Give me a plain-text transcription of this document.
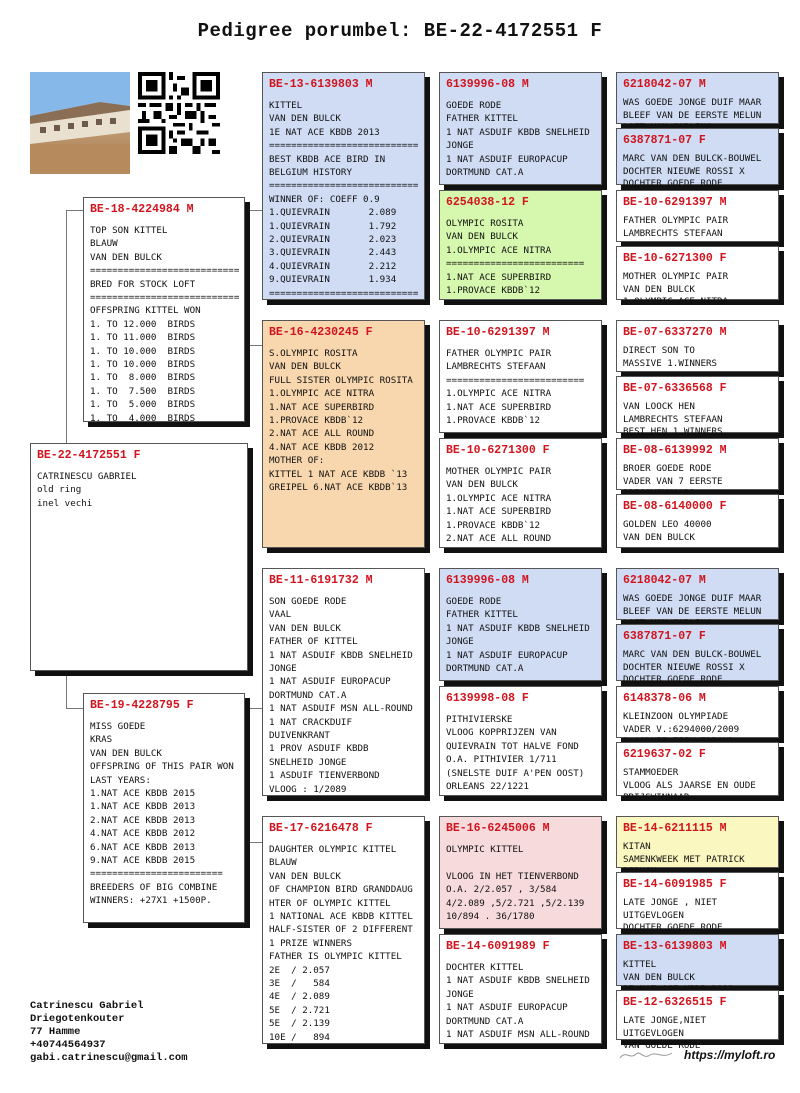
Pedigree porumbel: BE-22-4172551 F
BE-22-4172551 F
CATRINESCU GABRIEL
old ring
inel vechi
BE-18-4224984 M
TOP SON KITTEL
BLAUW
VAN DEN BULCK
===========================
BRED FOR STOCK LOFT
===========================
OFFSPRING KITTEL WON
1. TO 12.000  BIRDS
1. TO 11.000  BIRDS
1. TO 10.000  BIRDS
1. TO 10.000  BIRDS
1. TO  8.000  BIRDS
1. TO  7.500  BIRDS
1. TO  5.000  BIRDS
1. TO  4.000  BIRDS
BE-19-4228795 F
MISS GOEDE
KRAS
VAN DEN BULCK
OFFSPRING OF THIS PAIR WON
LAST YEARS:
1.NAT ACE KBDB 2015
1.NAT ACE KBDB 2013
2.NAT ACE KBDB 2013
4.NAT ACE KBDB 2012
6.NAT ACE KBDB 2013
9.NAT ACE KBDB 2015
========================
BREEDERS OF BIG COMBINE
WINNERS: +27X1 +1500P.
BE-13-6139803 M
KITTEL
VAN DEN BULCK
1E NAT ACE KBDB 2013
===========================
BEST KBDB ACE BIRD IN
BELGIUM HISTORY
===========================
WINNER OF: COEFF 0.9
1.QUIEVRAIN       2.089
1.QUIEVRAIN       1.792
2.QUIEVRAIN       2.023
3.QUIEVRAIN       2.443
4.QUIEVRAIN       2.212
9.QUIEVRAIN       1.934
===========================
BE-16-4230245 F
S.OLYMPIC ROSITA
VAN DEN BULCK
FULL SISTER OLYMPIC ROSITA
1.OLYMPIC ACE NITRA
1.NAT ACE SUPERBIRD
1.PROVACE KBDB`12
2.NAT ACE ALL ROUND
4.NAT ACE KBDB 2012
MOTHER OF:
KITTEL 1 NAT ACE KBDB `13
GREIPEL 6.NAT ACE KBDB`13
BE-11-6191732 M
SON GOEDE RODE
VAAL
VAN DEN BULCK
FATHER OF KITTEL
1 NAT ASDUIF KBDB SNELHEID
JONGE
1 NAT ASDUIF EUROPACUP
DORTMUND CAT.A
1 NAT ASDUIF MSN ALL-ROUND
1 NAT CRACKDUIF
DUIVENKRANT
1 PROV ASDUIF KBDB
SNELHEID JONGE
1 ASDUIF TIENVERBOND
VLOOG : 1/2089
BE-17-6216478 F
DAUGHTER OLYMPIC KITTEL
BLAUW
VAN DEN BULCK
OF CHAMPION BIRD GRANDDAUG
HTER OF OLYMPIC KITTEL
1 NATIONAL ACE KBDB KITTEL
HALF-SISTER OF 2 DIFFERENT
1 PRIZE WINNERS
FATHER IS OLYMPIC KITTEL
2E  / 2.057
3E  /   584
4E  / 2.089
5E  / 2.721
5E  / 2.139
10E /   894
6139996-08 M
GOEDE RODE
FATHER KITTEL
1 NAT ASDUIF KBDB SNELHEID
JONGE
1 NAT ASDUIF EUROPACUP
DORTMUND CAT.A
6254038-12 F
OLYMPIC ROSITA
VAN DEN BULCK
1.OLYMPIC ACE NITRA
=========================
1.NAT ACE SUPERBIRD
1.PROVACE KBDB`12
BE-10-6291397 M
FATHER OLYMPIC PAIR
LAMBRECHTS STEFAAN
=========================
1.OLYMPIC ACE NITRA
1.NAT ACE SUPERBIRD
1.PROVACE KBDB`12
BE-10-6271300 F
MOTHER OLYMPIC PAIR
VAN DEN BULCK
1.OLYMPIC ACE NITRA
1.NAT ACE SUPERBIRD
1.PROVACE KBDB`12
2.NAT ACE ALL ROUND
6139996-08 M
GOEDE RODE
FATHER KITTEL
1 NAT ASDUIF KBDB SNELHEID
JONGE
1 NAT ASDUIF EUROPACUP
DORTMUND CAT.A
6139998-08 F
PITHIVIERSKE
VLOOG KOPPRIJZEN VAN
QUIEVRAIN TOT HALVE FOND
O.A. PITHIVIER 1/711
(SNELSTE DUIF A'PEN OOST)
ORLEANS 22/1221
BE-16-6245006 M
OLYMPIC KITTEL

VLOOG IN HET TIENVERBOND
O.A. 2/2.057 , 3/584
4/2.089 ,5/2.721 ,5/2.139
10/894 . 36/1780
BE-14-6091989 F
DOCHTER KITTEL
1 NAT ASDUIF KBDB SNELHEID
JONGE
1 NAT ASDUIF EUROPACUP
DORTMUND CAT.A
1 NAT ASDUIF MSN ALL-ROUND
6218042-07 M
WAS GOEDE JONGE DUIF MAAR
BLEEF VAN DE EERSTE MELUN

6387871-07 F
MARC VAN DEN BULCK-BOUWEL
DOCHTER NIEUWE ROSSI X
DOCHTER GOEDE RODE
BE-10-6291397 M
FATHER OLYMPIC PAIR
LAMBRECHTS STEFAAN
BE-10-6271300 F
MOTHER OLYMPIC PAIR
VAN DEN BULCK
1.OLYMPIC ACE NITRA
BE-07-6337270 M
DIRECT SON TO
MASSIVE 1.WINNERS
BE-07-6336568 F
VAN LOOCK HEN
LAMBRECHTS STEFAAN
BEST HEN 1 WINNERS
BE-08-6139992 M
BROER GOEDE RODE
VADER VAN 7 EERSTE

BE-08-6140000 F
GOLDEN LEO 40000
VAN DEN BULCK
6218042-07 M
WAS GOEDE JONGE DUIF MAAR
BLEEF VAN DE EERSTE MELUN

6387871-07 F
MARC VAN DEN BULCK-BOUWEL
DOCHTER NIEUWE ROSSI X
DOCHTER GOEDE RODE
6148378-06 M
KLEINZOON OLYMPIADE
VADER V.:6294000/2009

6219637-02 F
STAMMOEDER
VLOOG ALS JAARSE EN OUDE
PRIJSWINNAAR
BE-14-6211115 M
KITAN
SAMENKWEEK MET PATRICK

BE-14-6091985 F
LATE JONGE , NIET
UITGEVLOGEN
DOCHTER GOEDE RODE
BE-13-6139803 M
KITTEL
VAN DEN BULCK

BE-12-6326515 F
LATE JONGE,NIET
UITGEVLOGEN
VAN GOEDE RODE
Catrinescu Gabriel
Driegotenkouter
77 Hamme
+40744564937
gabi.catrinescu@gmail.com	https://myloft.ro
